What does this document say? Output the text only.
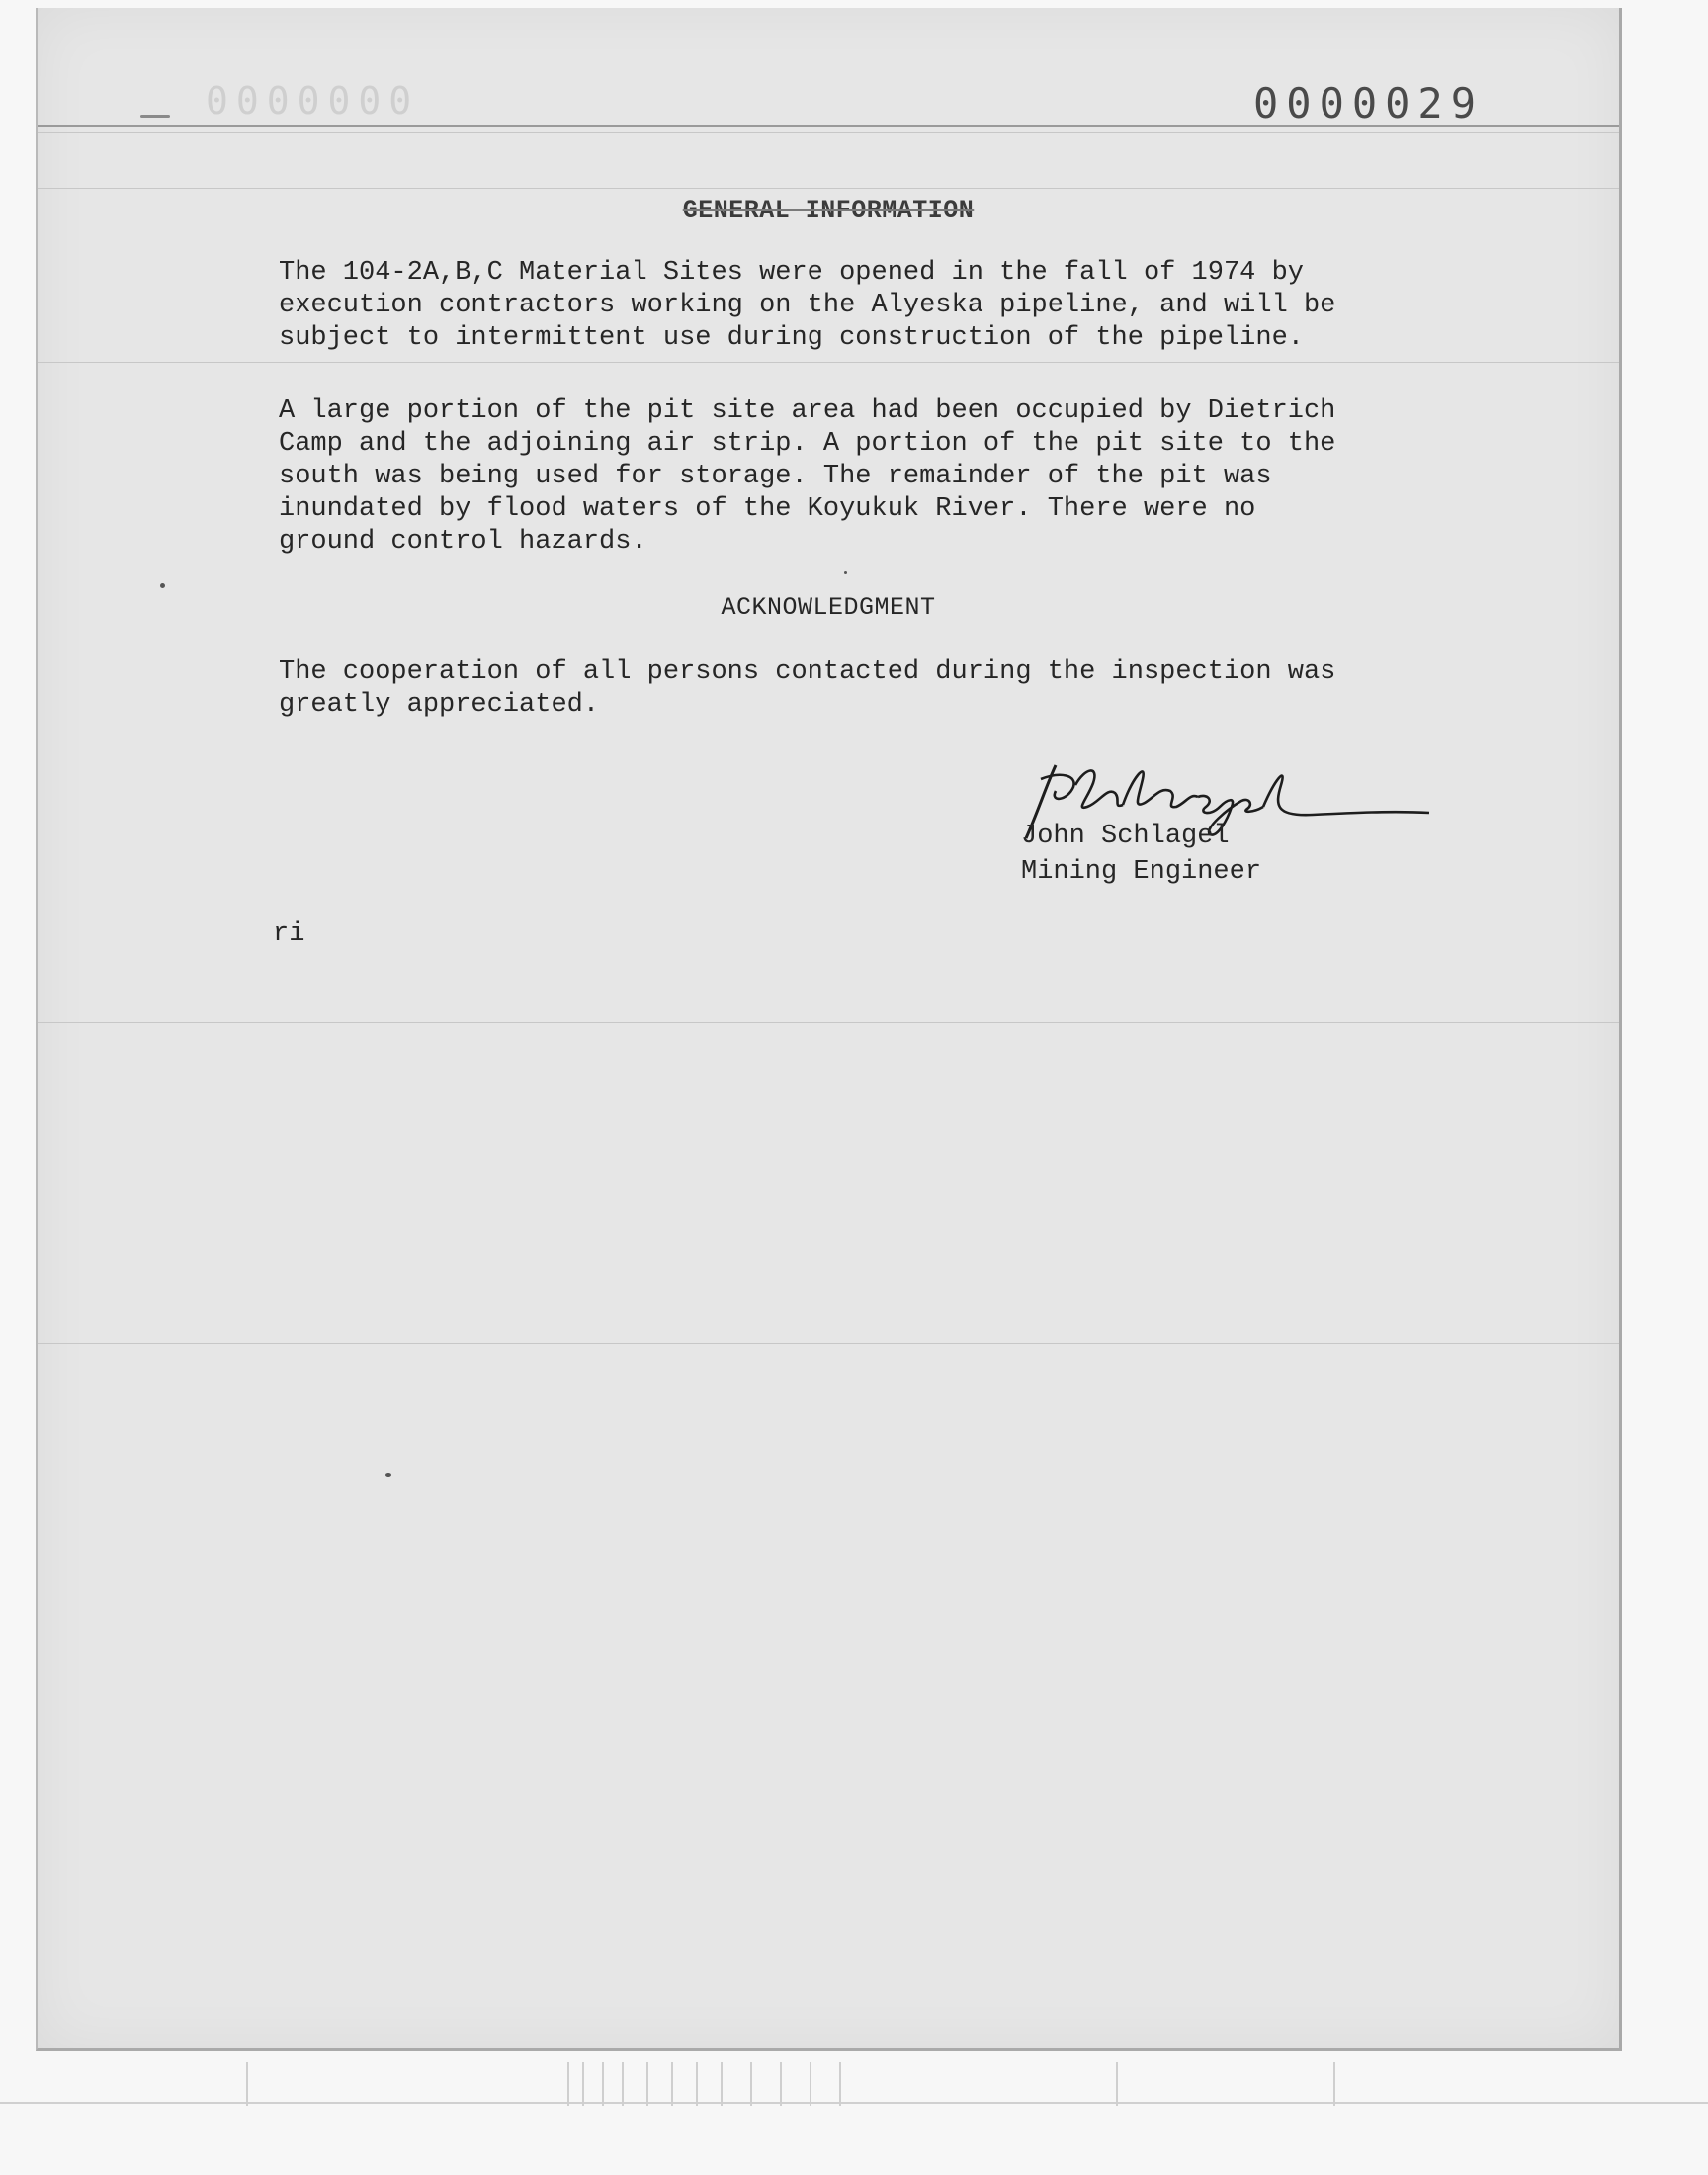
0000000	0000029
GENERAL INFORMATION

The 104-2A,B,C Material Sites were opened in the fall of 1974 by
execution contractors working on the Alyeska pipeline, and will be
subject to intermittent use during construction of the pipeline.

A large portion of the pit site area had been occupied by Dietrich
Camp and the adjoining air strip. A portion of the pit site to the
south was being used for storage. The remainder of the pit was
inundated by flood waters of the Koyukuk River. There were no
ground control hazards.

ACKNOWLEDGMENT

The cooperation of all persons contacted during the inspection was
greatly appreciated.

John Schlagel
Mining Engineer
ri
